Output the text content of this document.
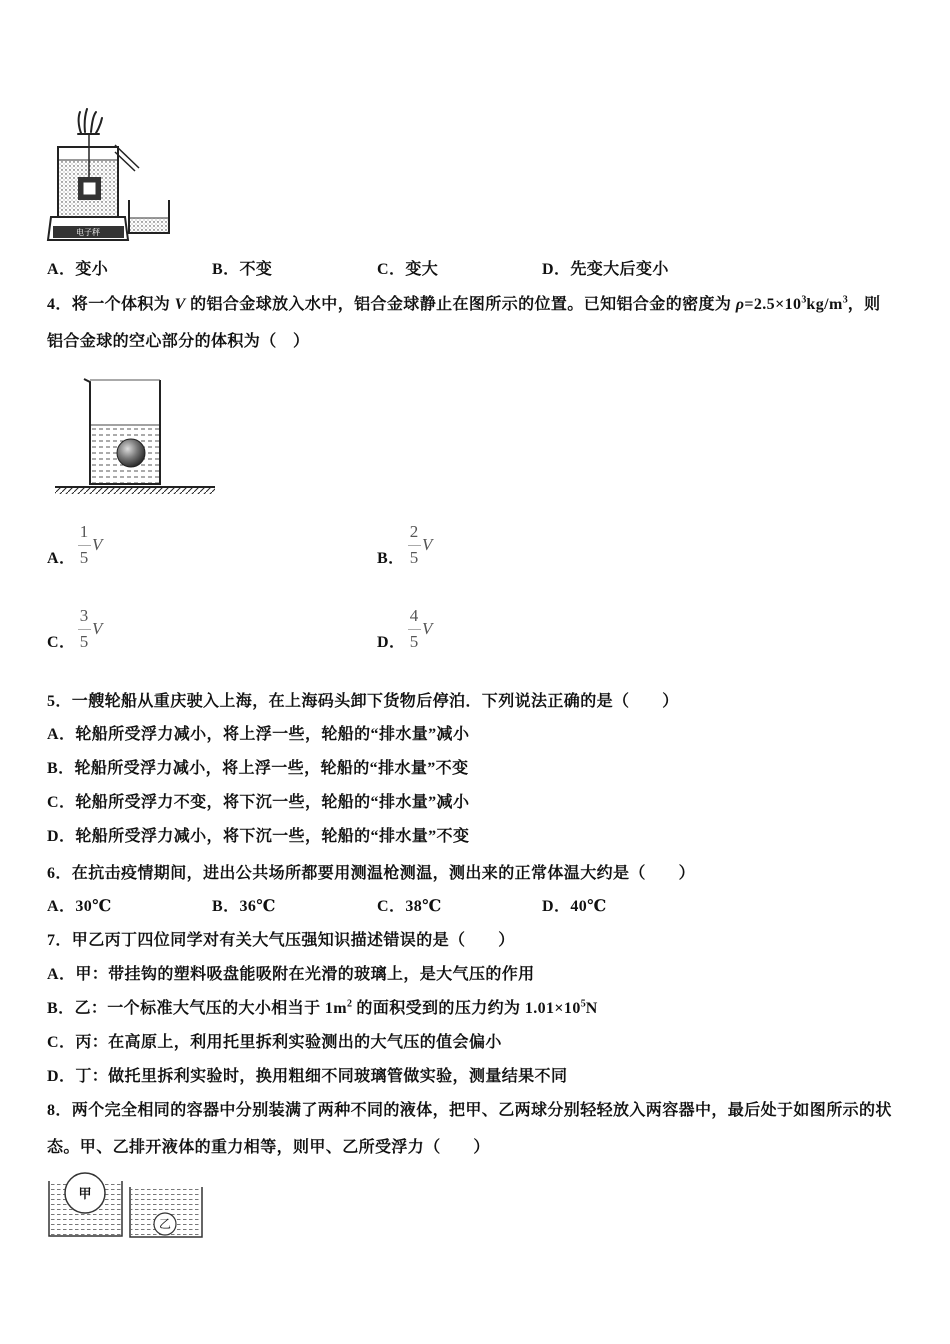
电子秤
A．变小	B．不变	C．变大	D．先变大后变小
4．将一个体积为 V 的铝合金球放入水中，铝合金球静止在图所示的位置。已知铝合金的密度为 $\rho=2.5\times 10^3kg/m^3$，则
铝合金球的空心部分的体积为（　）
A．
1
5
V
B．
2
5
V
C．
3
5
V
D．
4
5
V
5．一艘轮船从重庆驶入上海，在上海码头卸下货物后停泊．下列说法正确的是（　　）
A．轮船所受浮力减小，将上浮一些，轮船的“排水量”减小
B．轮船所受浮力减小，将上浮一些，轮船的“排水量”不变
C．轮船所受浮力不变，将下沉一些，轮船的“排水量”减小
D．轮船所受浮力减小，将下沉一些，轮船的“排水量”不变
6．在抗击疫情期间，进出公共场所都要用测温枪测温，测出来的正常体温大约是（　　）
A．30℃	B．36℃	C．38℃	D．40℃
7．甲乙丙丁四位同学对有关大气压强知识描述错误的是（　　）
A．甲：带挂钩的塑料吸盘能吸附在光滑的玻璃上，是大气压的作用
B．乙：一个标准大气压的大小相当于 $1m^2$ 的面积受到的压力约为 $1.01\times 10^5N$
C．丙：在高原上，利用托里拆利实验测出的大气压的值会偏小
D．丁：做托里拆利实验时，换用粗细不同玻璃管做实验，测量结果不同
8．两个完全相同的容器中分别装满了两种不同的液体，把甲、乙两球分别轻轻放入两容器中，最后处于如图所示的状
态。甲、乙排开液体的重力相等，则甲、乙所受浮力（　　）
甲
乙
